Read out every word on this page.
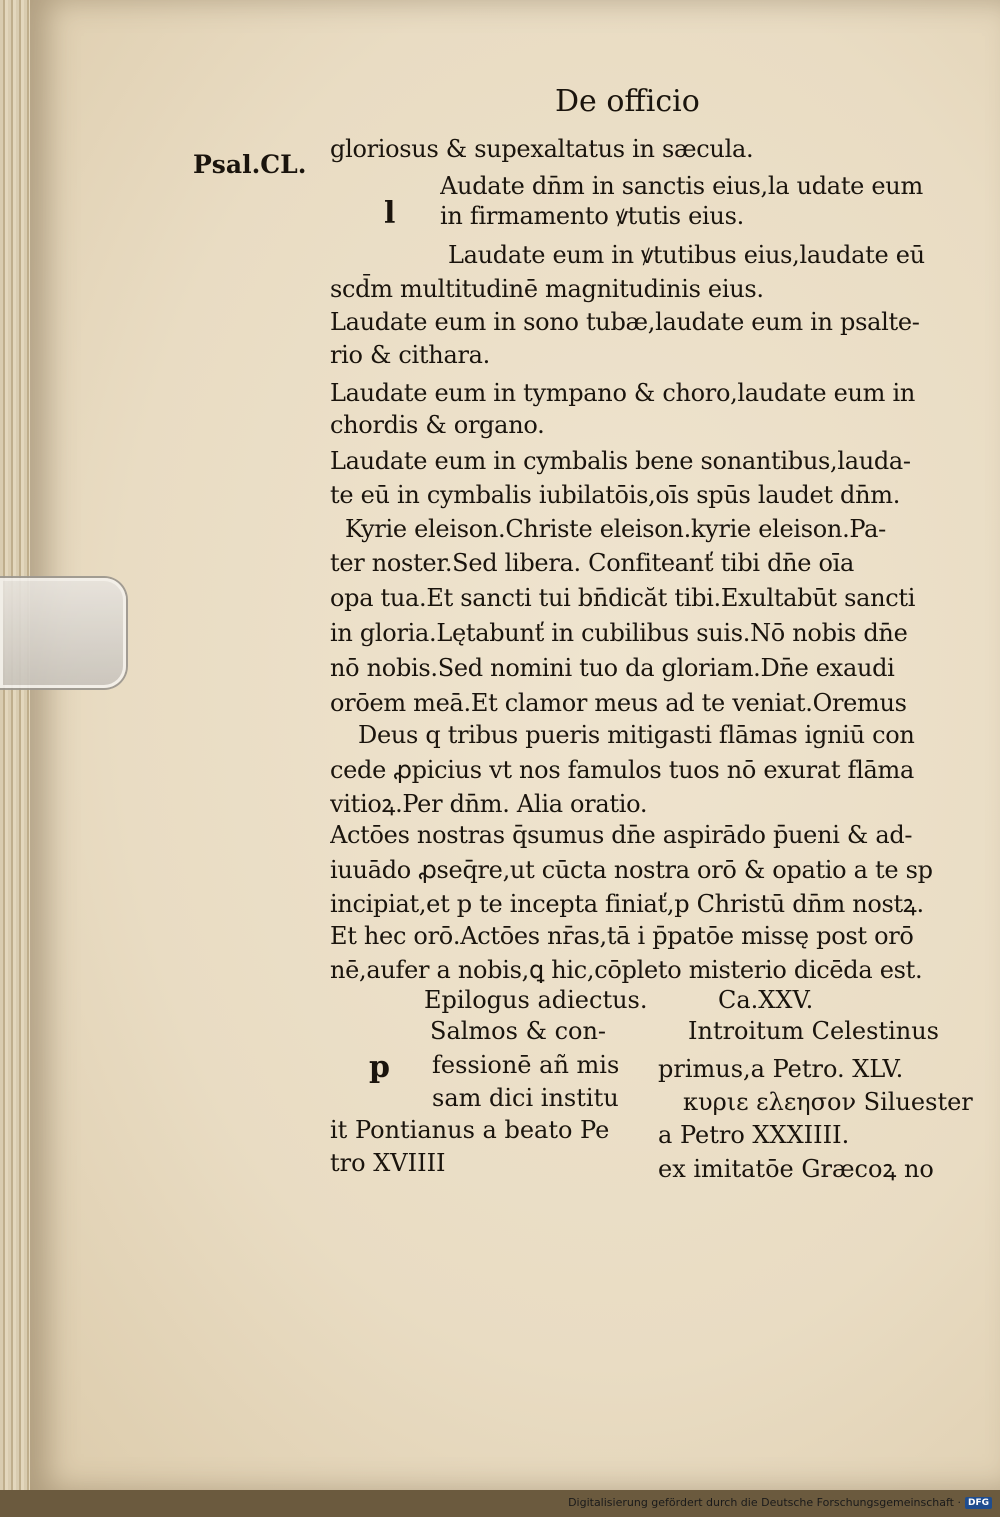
De officio
Psal.CL.
l
gloriosus & supexaltatus in sæcula.
Audate dn̄m in sanctis eius,la udate eum
in firmamento ꝟtutis eius.
Laudate eum in ꝟtutibus eius,laudate eū
scd̄m multitudinē magnitudinis eius.
Laudate eum in sono tubæ,laudate eum in psalte-
rio & cithara.
Laudate eum in tympano & choro,laudate eum in
chordis & organo.
Laudate eum in cymbalis bene sonantibus,lauda-
te eū in cymbalis iubilatōis,oīs spūs laudet dn̄m.
Kyrie eleison.Christe eleison.kyrie eleison.Pa-
ter noster.Sed libera. Confiteanť tibi dn̄e oīa
opa tua.Et sancti tui bn̄dicăt tibi.Exultabūt sancti
in gloria.Lętabunť in cubilibus suis.Nō nobis dn̄e
nō nobis.Sed nomini tuo da gloriam.Dn̄e exaudi
orōem meā.Et clamor meus ad te veniat.Oremus
Deus q tribus pueris mitigasti flāmas igniū con
cede ꝓpicius vt nos famulos tuos nō exurat flāma
vitioꝝ.Per dn̄m. Alia oratio.
Actōes nostras q̄sumus dn̄e aspirādo p̄ueni & ad-
iuuādo ꝓseq̄re,ut cūcta nostra orō & opatio a te sp
incipiat,et p te incepta finiať,p Christū dn̄m nostꝝ.
Et hec orō.Actōes nr̄as,tā i p̄patōe missę post orō
nē,aufer a nobis,ꝗ hic,cōpleto misterio dicēda est.
Epilogus adiectus.	Ca.XXV.
p
Salmos & con-
fessionē añ mis
sam dici institu
it Pontianus a beato Pe
tro XVIIII
Introitum Celestinus
primus,a Petro. XLV.
κυριε ελεησον Siluester
a Petro XXXIIII.
ex imitatōe Græcoꝝ no
Digitalisierung gefördert durch die Deutsche Forschungsgemeinschaft · DFG
